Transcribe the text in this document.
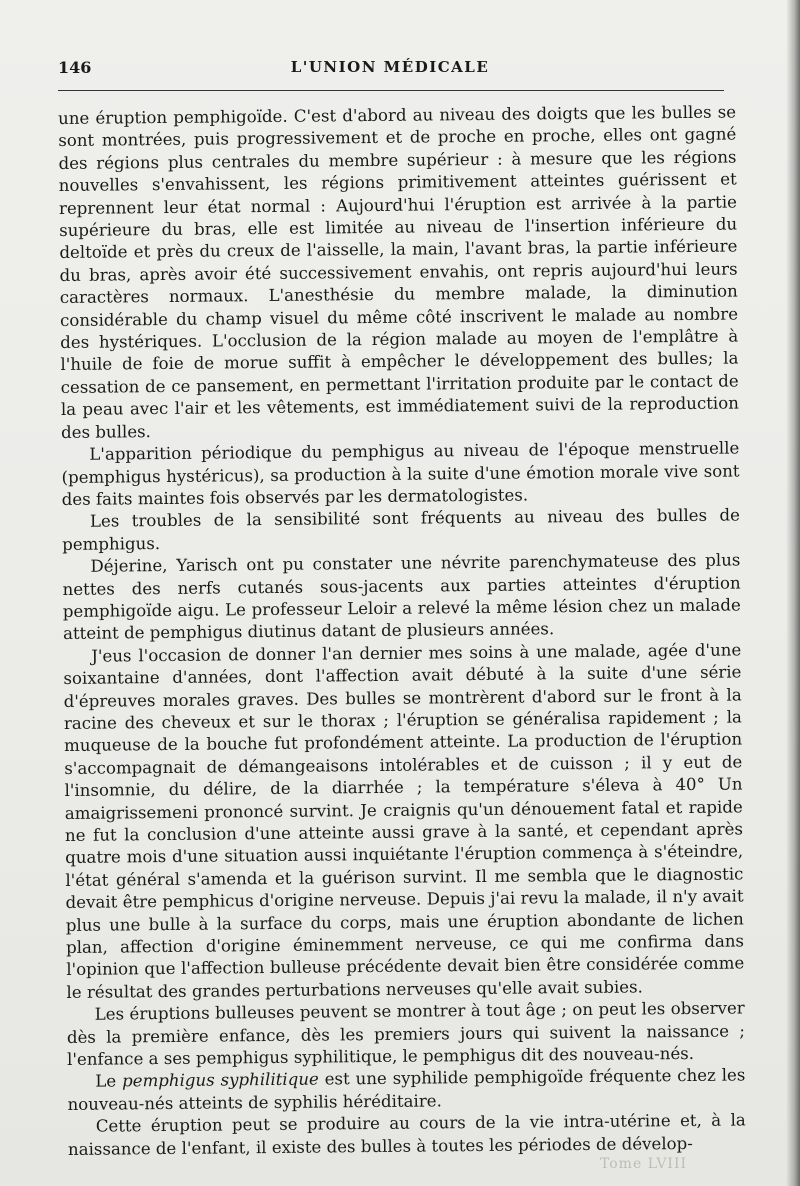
146	L'UNION MÉDICALE

une éruption pemphigoïde. C'est d'abord au niveau des doigts que les bulles se sont montrées, puis progressivement et de proche en proche, elles ont gagné des régions plus centrales du membre supérieur : à mesure que les régions nouvelles s'envahissent, les régions primitivement atteintes guérissent et reprennent leur état normal : Aujourd'hui l'éruption est arrivée à la partie supérieure du bras, elle est limitée au niveau de l'insertion inférieure du deltoïde et près du creux de l'aisselle, la main, l'avant bras, la partie inférieure du bras, après avoir été successivement envahis, ont repris aujourd'hui leurs caractères normaux. L'anesthésie du membre malade, la diminution considérable du champ visuel du même côté inscrivent le malade au nombre des hystériques. L'occlusion de la région malade au moyen de l'emplâtre à l'huile de foie de morue suffit à empêcher le développement des bulles; la cessation de ce pansement, en permettant l'irritation produite par le contact de la peau avec l'air et les vêtements, est immédiatement suivi de la reproduction des bulles.

L'apparition périodique du pemphigus au niveau de l'époque menstruelle (pemphigus hystéricus), sa production à la suite d'une émotion morale vive sont des faits maintes fois observés par les dermatologistes.

Les troubles de la sensibilité sont fréquents au niveau des bulles de pemphigus.

Déjerine, Yarisch ont pu constater une névrite parenchymateuse des plus nettes des nerfs cutanés sous-jacents aux parties atteintes d'éruption pemphigoïde aigu. Le professeur Leloir a relevé la même lésion chez un malade atteint de pemphigus diutinus datant de plusieurs années.

J'eus l'occasion de donner l'an dernier mes soins à une malade, agée d'une soixantaine d'années, dont l'affection avait débuté à la suite d'une série d'épreuves morales graves. Des bulles se montrèrent d'abord sur le front à la racine des cheveux et sur le thorax ; l'éruption se généralisa rapidement ; la muqueuse de la bouche fut profondément atteinte. La production de l'éruption s'accompagnait de démangeaisons intolérables et de cuisson ; il y eut de l'insomnie, du délire, de la diarrhée ; la température s'éleva à 40° Un amaigrissemeni prononcé survint. Je craignis qu'un dénouement fatal et rapide ne fut la conclusion d'une atteinte aussi grave à la santé, et cependant après quatre mois d'une situation aussi inquiétante l'éruption commença à s'éteindre, l'état général s'amenda et la guérison survint. Il me sembla que le diagnostic devait être pemphicus d'origine nerveuse. Depuis j'ai revu la malade, il n'y avait plus une bulle à la surface du corps, mais une éruption abondante de lichen plan, affection d'origine éminemment nerveuse, ce qui me confirma dans l'opinion que l'affection bulleuse précédente devait bien être considérée comme le résultat des grandes perturbations nerveuses qu'elle avait subies.

Les éruptions bulleuses peuvent se montrer à tout âge ; on peut les observer dès la première enfance, dès les premiers jours qui suivent la naissance ; l'enfance a ses pemphigus syphilitique, le pemphigus dit des nouveau-nés.

Le pemphigus syphilitique est une syphilide pemphigoïde fréquente chez les nouveau-nés atteints de syphilis héréditaire.

Cette éruption peut se produire au cours de la vie intra-utérine et, à la naissance de l'enfant, il existe des bulles à toutes les périodes de dévelop-

Tome LVIII
